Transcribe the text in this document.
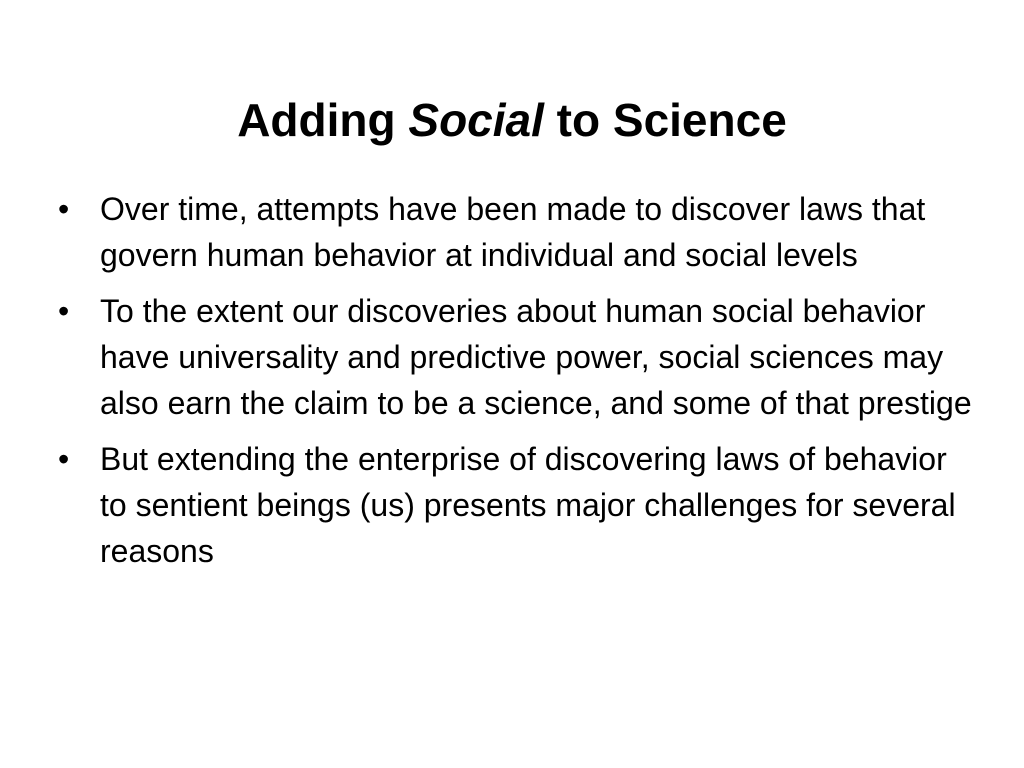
Adding Social to Science
• Over time, attempts have been made to discover laws that govern human behavior at individual and social levels
• To the extent our discoveries about human social behavior have universality and predictive power, social sciences may also earn the claim to be a science, and some of that prestige
• But extending the enterprise of discovering laws of behavior to sentient beings (us) presents major challenges for several reasons
